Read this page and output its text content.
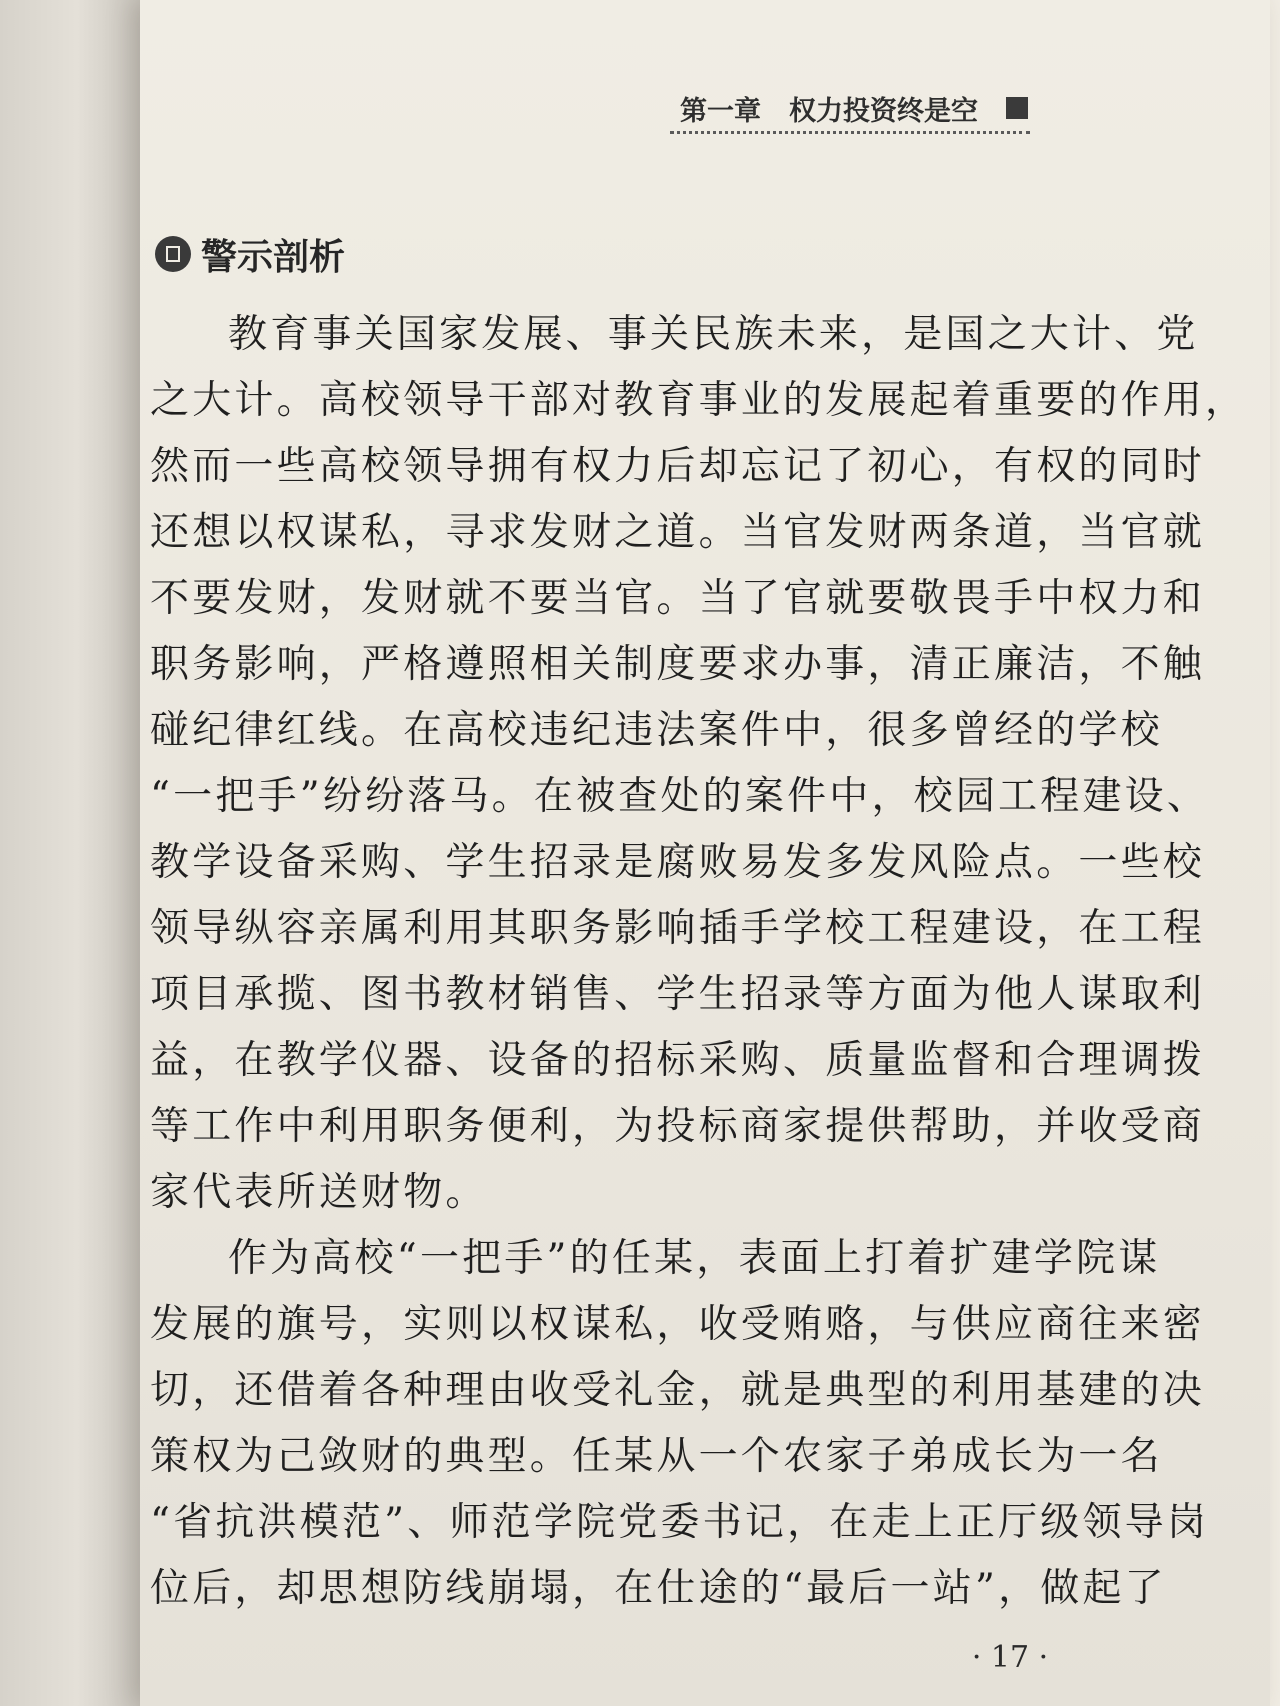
第一章 权力投资终是空
警示剖析
教育事关国家发展、事关民族未来，是国之大计、党
之大计。高校领导干部对教育事业的发展起着重要的作用，
然而一些高校领导拥有权力后却忘记了初心，有权的同时
还想以权谋私，寻求发财之道。当官发财两条道，当官就
不要发财，发财就不要当官。当了官就要敬畏手中权力和
职务影响，严格遵照相关制度要求办事，清正廉洁，不触
碰纪律红线。在高校违纪违法案件中，很多曾经的学校
“一把手”纷纷落马。在被查处的案件中，校园工程建设、
教学设备采购、学生招录是腐败易发多发风险点。一些校
领导纵容亲属利用其职务影响插手学校工程建设，在工程
项目承揽、图书教材销售、学生招录等方面为他人谋取利
益，在教学仪器、设备的招标采购、质量监督和合理调拨
等工作中利用职务便利，为投标商家提供帮助，并收受商
家代表所送财物。
作为高校“一把手”的任某，表面上打着扩建学院谋
发展的旗号，实则以权谋私，收受贿赂，与供应商往来密
切，还借着各种理由收受礼金，就是典型的利用基建的决
策权为己敛财的典型。任某从一个农家子弟成长为一名
“省抗洪模范”、师范学院党委书记，在走上正厅级领导岗
位后，却思想防线崩塌，在仕途的“最后一站”，做起了
· 17 ·
